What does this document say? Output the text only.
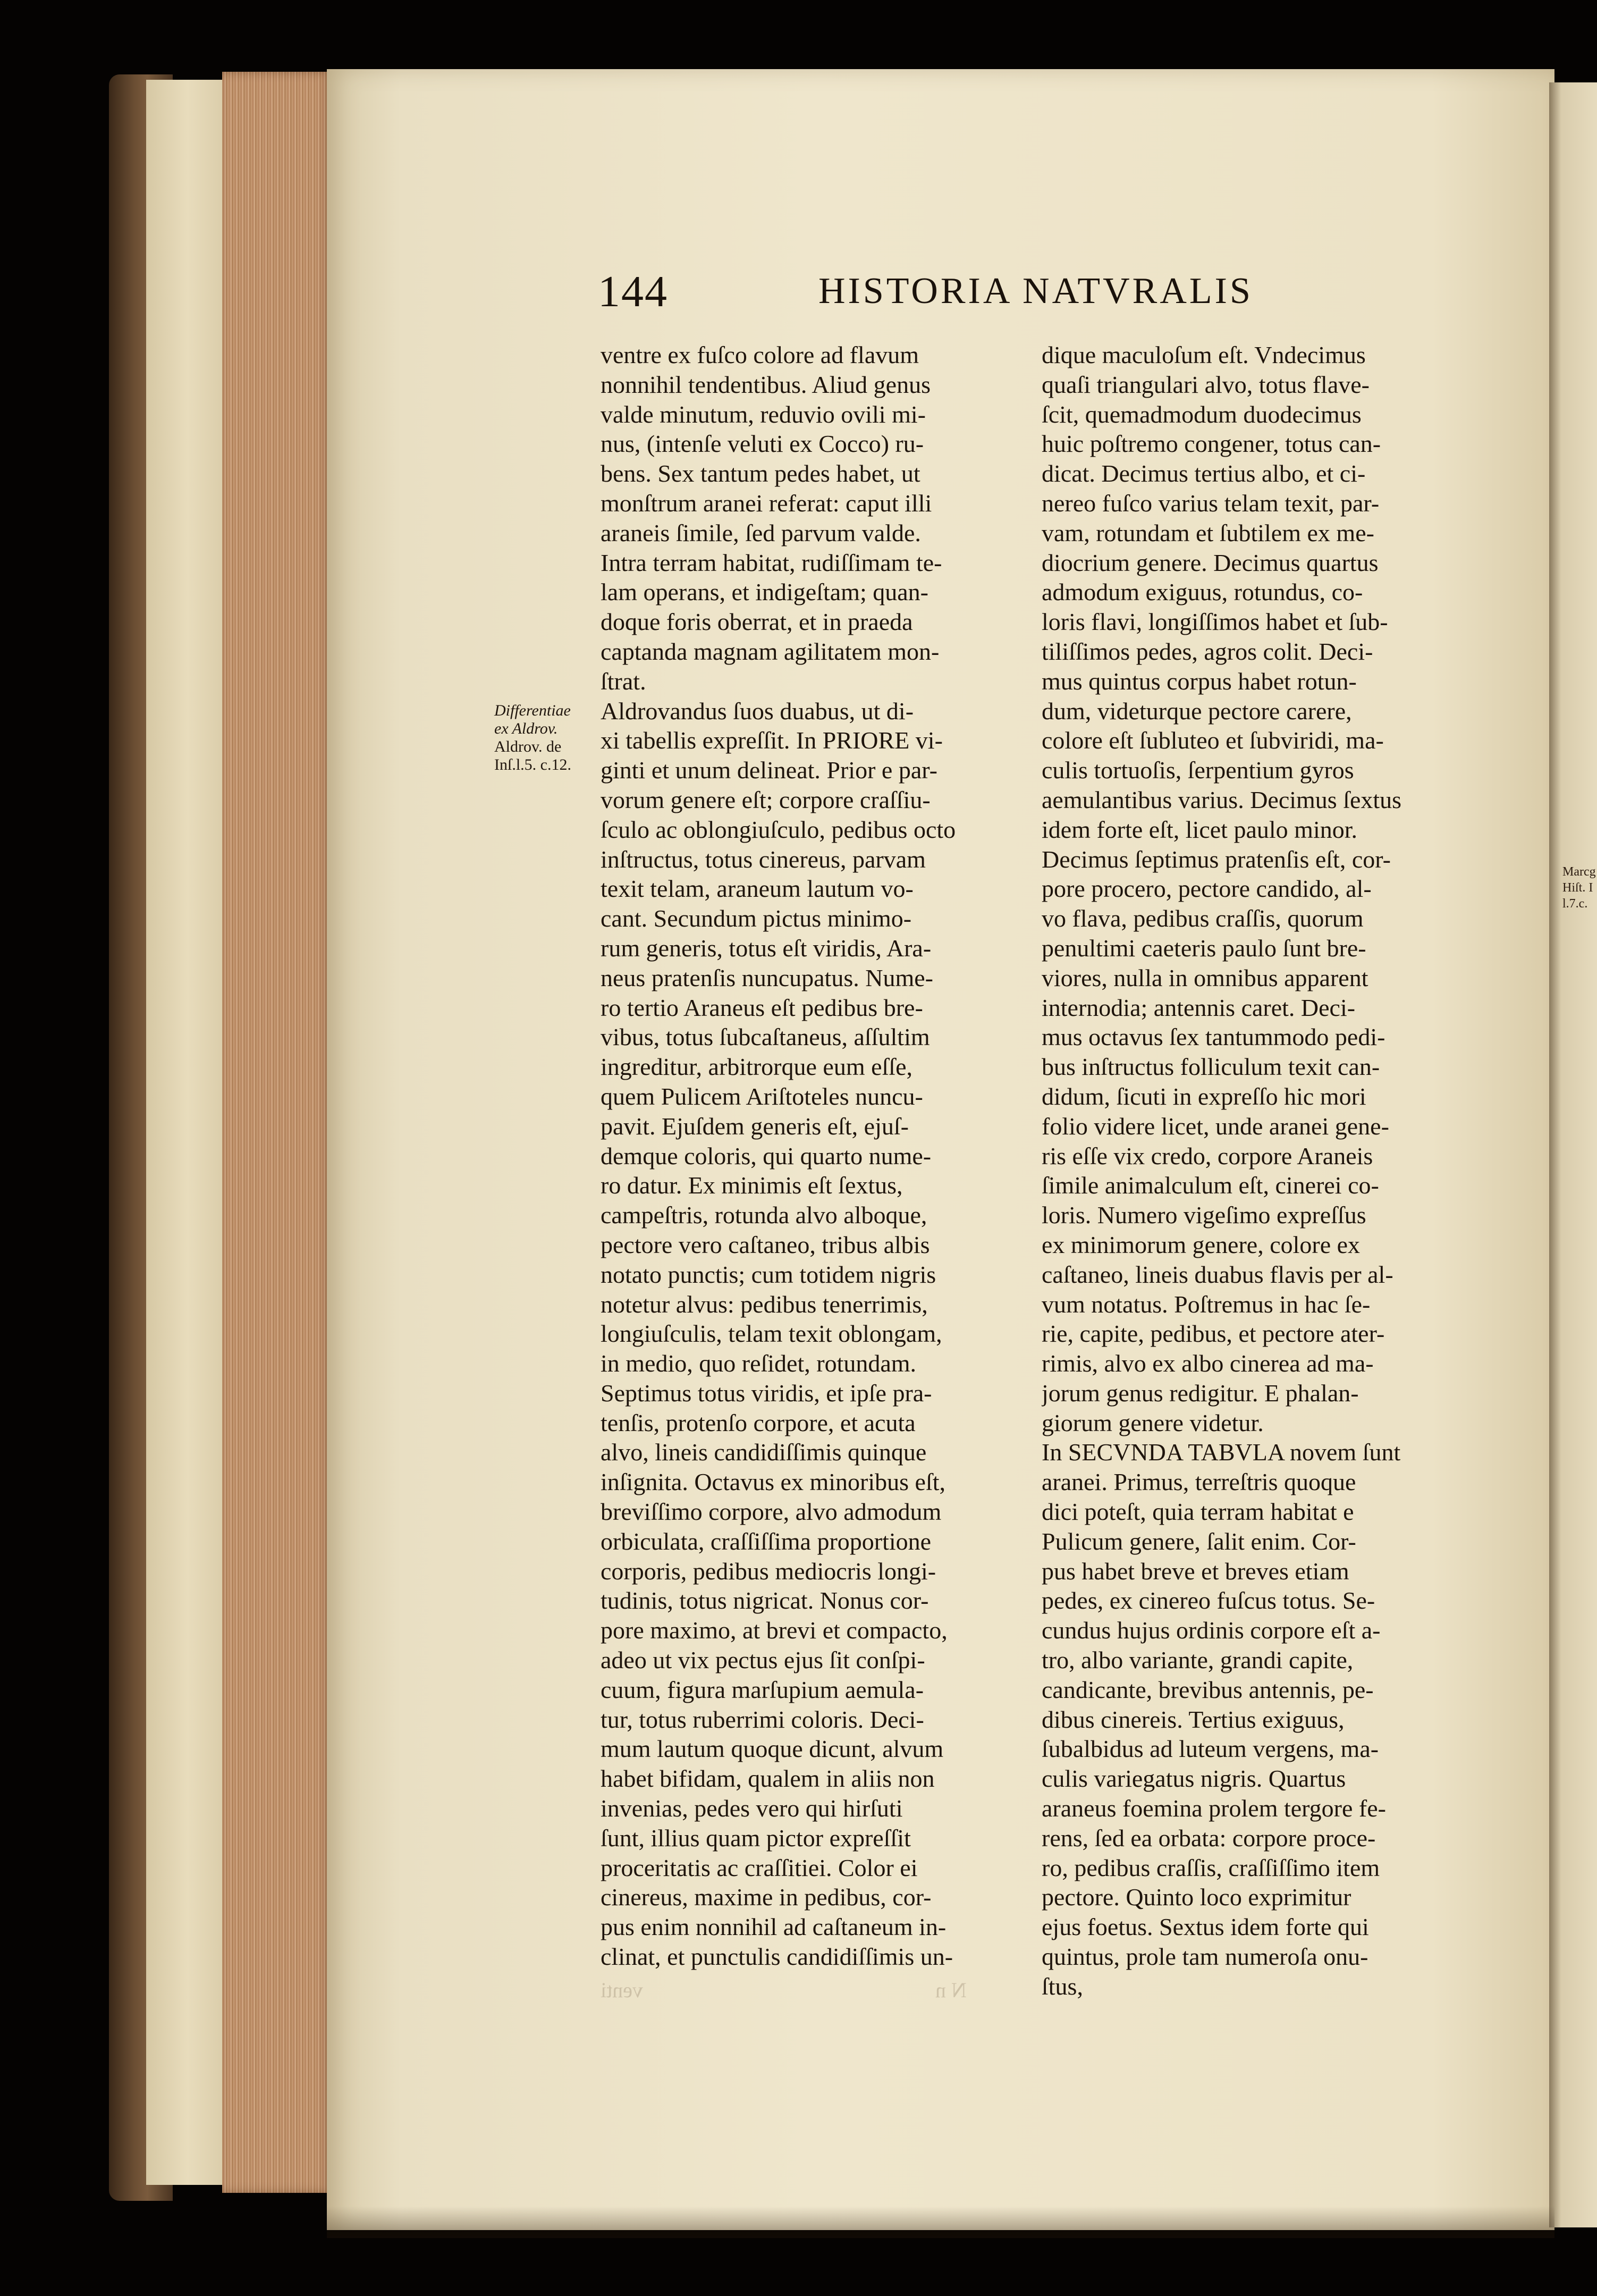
Marcg
Hiſt. I
l.7.c.
144	HISTORIA NATVRALIS
Differentiae
ex Aldrov.
Aldrov. de
Inſ.l.5. c.12.
ventre ex fuſco colore ad flavum
nonnihil tendentibus. Aliud genus
valde minutum, reduvio ovili mi-
nus, (intenſe veluti ex Cocco) ru-
bens. Sex tantum pedes habet, ut
monſtrum aranei referat: caput illi
araneis ſimile, ſed parvum valde.
Intra terram habitat, rudiſſimam te-
lam operans, et indigeſtam; quan-
doque foris oberrat, et in praeda
captanda magnam agilitatem mon-
ſtrat.
Aldrovandus ſuos duabus, ut di-
xi tabellis expreſſit. In PRIORE vi-
ginti et unum delineat. Prior e par-
vorum genere eſt; corpore craſſiu-
ſculo ac oblongiuſculo, pedibus octo
inſtructus, totus cinereus, parvam
texit telam, araneum lautum vo-
cant. Secundum pictus minimo-
rum generis, totus eſt viridis, Ara-
neus pratenſis nuncupatus. Nume-
ro tertio Araneus eſt pedibus bre-
vibus, totus ſubcaſtaneus, aſſultim
ingreditur, arbitrorque eum eſſe,
quem Pulicem Ariſtoteles nuncu-
pavit. Ejuſdem generis eſt, ejuſ-
demque coloris, qui quarto nume-
ro datur. Ex minimis eſt ſextus,
campeſtris, rotunda alvo alboque,
pectore vero caſtaneo, tribus albis
notato punctis; cum totidem nigris
notetur alvus: pedibus tenerrimis,
longiuſculis, telam texit oblongam,
in medio, quo reſidet, rotundam.
Septimus totus viridis, et ipſe pra-
tenſis, protenſo corpore, et acuta
alvo, lineis candidiſſimis quinque
inſignita. Octavus ex minoribus eſt,
breviſſimo corpore, alvo admodum
orbiculata, craſſiſſima proportione
corporis, pedibus mediocris longi-
tudinis, totus nigricat. Nonus cor-
pore maximo, at brevi et compacto,
adeo ut vix pectus ejus ſit conſpi-
cuum, figura marſupium aemula-
tur, totus ruberrimi coloris. Deci-
mum lautum quoque dicunt, alvum
habet bifidam, qualem in aliis non
invenias, pedes vero qui hirſuti
ſunt, illius quam pictor expreſſit
proceritatis ac craſſitiei. Color ei
cinereus, maxime in pedibus, cor-
pus enim nonnihil ad caſtaneum in-
clinat, et punctulis candidiſſimis un-
dique maculoſum eſt. Vndecimus
quaſi triangulari alvo, totus flave-
ſcit, quemadmodum duodecimus
huic poſtremo congener, totus can-
dicat. Decimus tertius albo, et ci-
nereo fuſco varius telam texit, par-
vam, rotundam et ſubtilem ex me-
diocrium genere. Decimus quartus
admodum exiguus, rotundus, co-
loris flavi, longiſſimos habet et ſub-
tiliſſimos pedes, agros colit. Deci-
mus quintus corpus habet rotun-
dum, videturque pectore carere,
colore eſt ſubluteo et ſubviridi, ma-
culis tortuoſis, ſerpentium gyros
aemulantibus varius. Decimus ſextus
idem forte eſt, licet paulo minor.
Decimus ſeptimus pratenſis eſt, cor-
pore procero, pectore candido, al-
vo flava, pedibus craſſis, quorum
penultimi caeteris paulo ſunt bre-
viores, nulla in omnibus apparent
internodia; antennis caret. Deci-
mus octavus ſex tantummodo pedi-
bus inſtructus folliculum texit can-
didum, ſicuti in expreſſo hic mori
folio videre licet, unde aranei gene-
ris eſſe vix credo, corpore Araneis
ſimile animalculum eſt, cinerei co-
loris. Numero vigeſimo expreſſus
ex minimorum genere, colore ex
caſtaneo, lineis duabus flavis per al-
vum notatus. Poſtremus in hac ſe-
rie, capite, pedibus, et pectore ater-
rimis, alvo ex albo cinerea ad ma-
jorum genus redigitur. E phalan-
giorum genere videtur.
In SECVNDA TABVLA novem ſunt
aranei. Primus, terreſtris quoque
dici poteſt, quia terram habitat e
Pulicum genere, ſalit enim. Cor-
pus habet breve et breves etiam
pedes, ex cinereo fuſcus totus. Se-
cundus hujus ordinis corpore eſt a-
tro, albo variante, grandi capite,
candicante, brevibus antennis, pe-
dibus cinereis. Tertius exiguus,
ſubalbidus ad luteum vergens, ma-
culis variegatus nigris. Quartus
araneus foemina prolem tergore fe-
rens, ſed ea orbata: corpore proce-
ro, pedibus craſſis, craſſiſſimo item
pectore. Quinto loco exprimitur
ejus foetus. Sextus idem forte qui
quintus, prole tam numeroſa onu-
ſtus,
venti	N n
